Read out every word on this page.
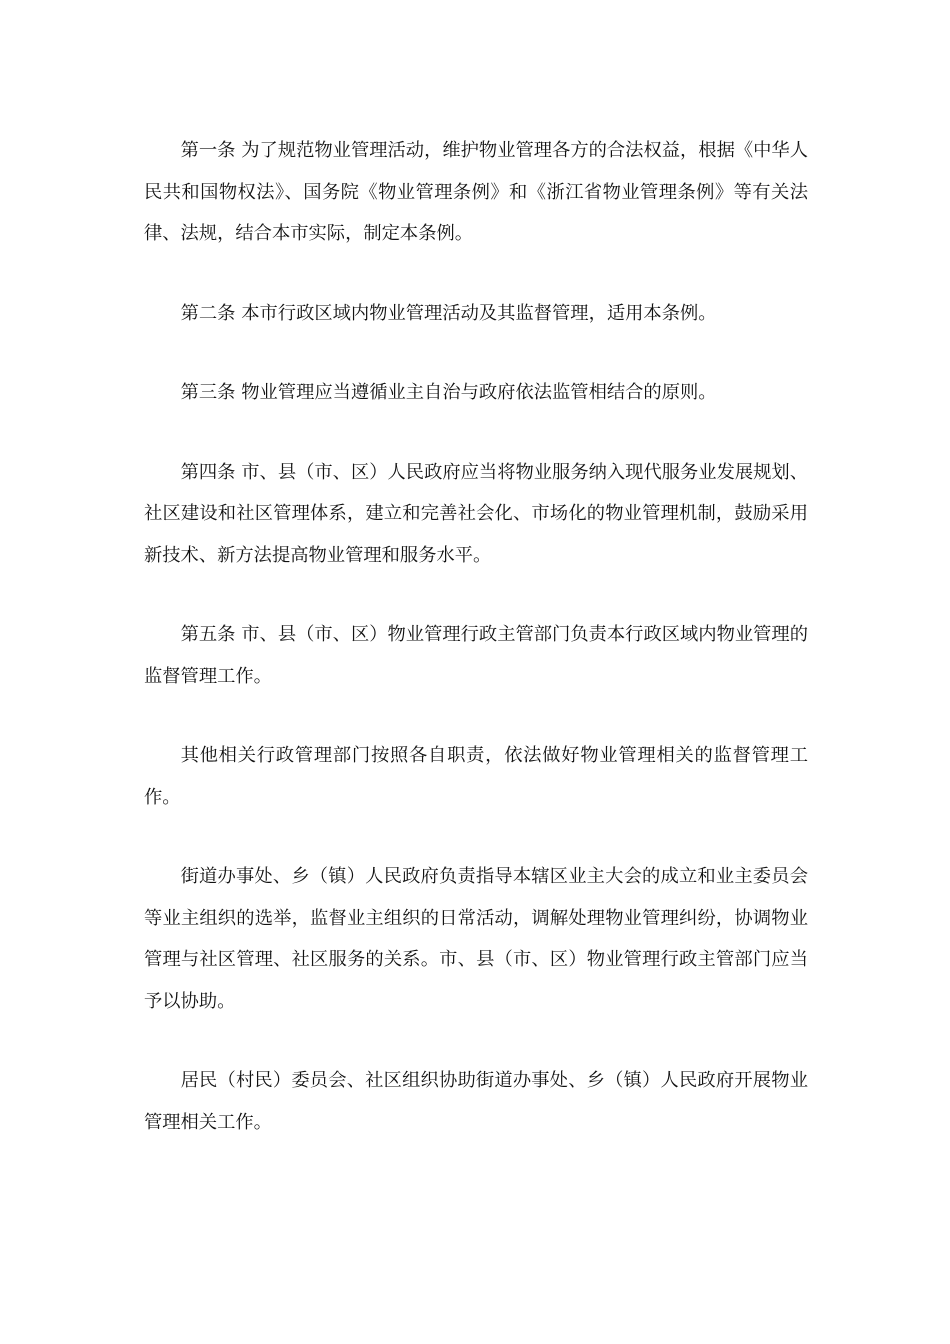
第一条 为了规范物业管理活动，维护物业管理各方的合法权益，根据《中华人民共和国物权法》、国务院《物业管理条例》和《浙江省物业管理条例》等有关法律、法规，结合本市实际，制定本条例。

第二条 本市行政区域内物业管理活动及其监督管理，适用本条例。

第三条 物业管理应当遵循业主自治与政府依法监管相结合的原则。

第四条 市、县（市、区）人民政府应当将物业服务纳入现代服务业发展规划、社区建设和社区管理体系，建立和完善社会化、市场化的物业管理机制，鼓励采用新技术、新方法提高物业管理和服务水平。

第五条 市、县（市、区）物业管理行政主管部门负责本行政区域内物业管理的监督管理工作。

其他相关行政管理部门按照各自职责，依法做好物业管理相关的监督管理工作。

街道办事处、乡（镇）人民政府负责指导本辖区业主大会的成立和业主委员会等业主组织的选举，监督业主组织的日常活动，调解处理物业管理纠纷，协调物业管理与社区管理、社区服务的关系。市、县（市、区）物业管理行政主管部门应当予以协助。

居民（村民）委员会、社区组织协助街道办事处、乡（镇）人民政府开展物业管理相关工作。
